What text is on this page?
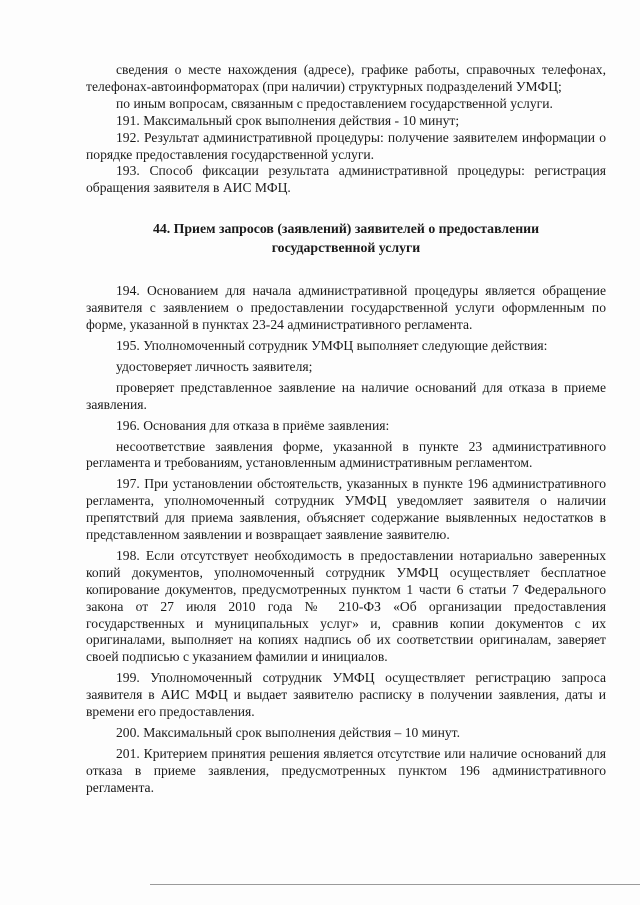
сведения о месте нахождения (адресе), графике работы, справочных телефонах, телефонах-автоинформаторах (при наличии) структурных подразделений УМФЦ;

по иным вопросам, связанным с предоставлением государственной услуги.

191. Максимальный срок выполнения действия - 10 минут;

192. Результат административной процедуры: получение заявителем информации о порядке предоставления государственной услуги.

193. Способ фиксации результата административной процедуры: регистрация обращения заявителя в АИС МФЦ.

44. Прием запросов (заявлений) заявителей о предоставлении государственной услуги

194. Основанием для начала административной процедуры является обращение заявителя с заявлением о предоставлении государственной услуги оформленным по форме, указанной в пунктах 23-24 административного регламента.

195. Уполномоченный сотрудник УМФЦ выполняет следующие действия:

удостоверяет личность заявителя;

проверяет представленное заявление на наличие оснований для отказа в приеме заявления.

196. Основания для отказа в приёме заявления:

несоответствие заявления форме, указанной в пункте 23 административного регламента и требованиям, установленным административным регламентом.

197. При установлении обстоятельств, указанных в пункте 196 административного регламента, уполномоченный сотрудник УМФЦ уведомляет заявителя о наличии препятствий для приема заявления, объясняет содержание выявленных недостатков в представленном заявлении и возвращает заявление заявителю.

198. Если отсутствует необходимость в предоставлении нотариально заверенных копий документов, уполномоченный сотрудник УМФЦ осуществляет бесплатное копирование документов, предусмотренных пунктом 1 части 6 статьи 7 Федерального закона от 27 июля 2010 года № 210-ФЗ «Об организации предоставления государственных и муниципальных услуг» и, сравнив копии документов с их оригиналами, выполняет на копиях надпись об их соответствии оригиналам, заверяет своей подписью с указанием фамилии и инициалов.

199. Уполномоченный сотрудник УМФЦ осуществляет регистрацию запроса заявителя в АИС МФЦ и выдает заявителю расписку в получении заявления, даты и времени его предоставления.

200. Максимальный срок выполнения действия – 10 минут.

201. Критерием принятия решения является отсутствие или наличие оснований для отказа в приеме заявления, предусмотренных пунктом 196 административного регламента.
